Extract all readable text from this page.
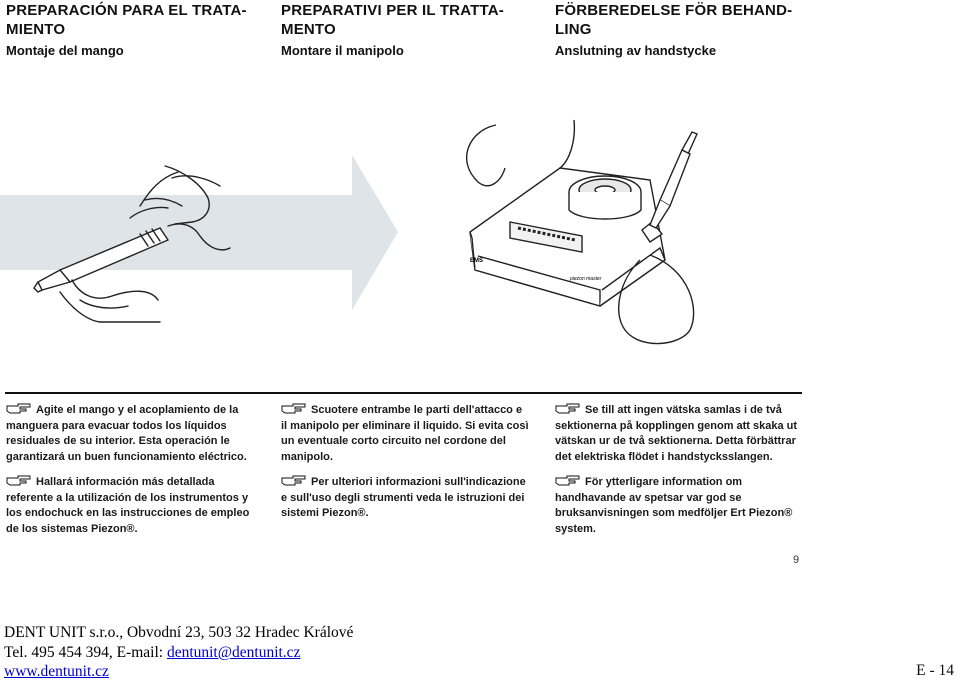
PREPARACIÓN PARA EL TRATA-
MIENTO
Montaje del mango
PREPARATIVI PER IL TRATTA-
MENTO
Montare il manipolo
FÖRBEREDELSE FÖR BEHAND-
LING
Anslutning av handstycke
EMS
piezon master
Agite el mango y el acoplamiento de la manguera para evacuar todos los líquidos residuales de su interior. Esta operación le garantizará un buen funcionamiento eléctrico.
Hallará información más detallada referente a la utilización de los instrumentos y los endochuck en las instrucciones de empleo de los sistemas Piezon®.
Scuotere entrambe le parti dell'attacco e il manipolo per eliminare il liquido. Si evita così un eventuale corto circuito nel cordone del manipolo.
Per ulteriori informazioni sull'indicazione e sull'uso degli strumenti veda le istruzioni dei sistemi Piezon®.
Se till att ingen vätska samlas i de två sektionerna på kopplingen genom att skaka ut vätskan ur de två sektionerna. Detta förbättrar det elektriska flödet i handstycksslangen.
För ytterligare information om handhavande av spetsar var god se bruksanvisningen som medföljer Ert Piezon® system.
9
DENT UNIT s.r.o., Obvodní 23, 503 32 Hradec Králové
Tel. 495 454 394, E-mail: dentunit@dentunit.cz
www.dentunit.cz	E - 14
